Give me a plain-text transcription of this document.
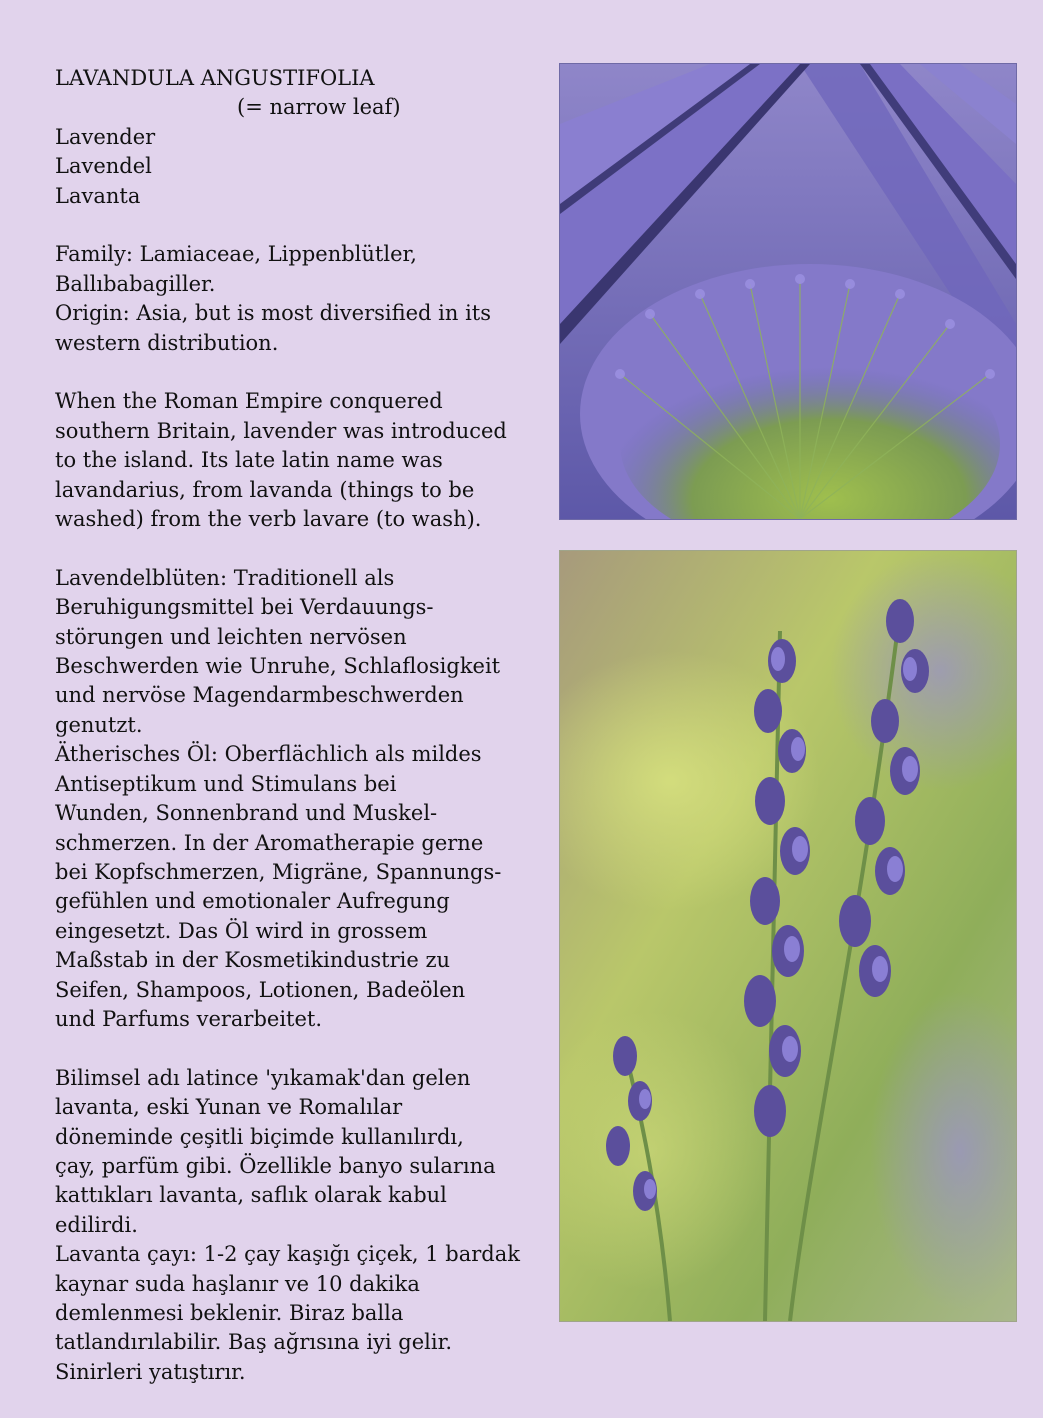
LAVANDULA ANGUSTIFOLIA
(= narrow leaf)
Lavender
Lavendel
Lavanta
Family: Lamiaceae, Lippenblütler,
Ballıbabagiller.
Origin: Asia, but is most diversified in its
western distribution.
When the Roman Empire conquered
southern Britain, lavender was introduced
to the island. Its late latin name was
lavandarius, from lavanda (things to be
washed) from the verb lavare (to wash).
Lavendelblüten: Traditionell als
Beruhigungsmittel bei Verdauungs-
störungen und leichten nervösen
Beschwerden wie Unruhe, Schlaflosigkeit
und nervöse Magendarmbeschwerden
genutzt.
Ätherisches Öl: Oberflächlich als mildes
Antiseptikum und Stimulans bei
Wunden, Sonnenbrand und Muskel-
schmerzen. In der Aromatherapie gerne
bei Kopfschmerzen, Migräne, Spannungs-
gefühlen und emotionaler Aufregung
eingesetzt. Das Öl wird in grossem
Maßstab in der Kosmetikindustrie zu
Seifen, Shampoos, Lotionen, Badeölen
und Parfums verarbeitet.
Bilimsel adı latince 'yıkamak'dan gelen
lavanta, eski Yunan ve Romalılar
döneminde çeşitli biçimde kullanılırdı,
çay, parfüm gibi. Özellikle banyo sularına
kattıkları lavanta, saflık olarak kabul
edilirdi.
Lavanta çayı: 1-2 çay kaşığı çiçek, 1 bardak
kaynar suda haşlanır ve 10 dakika
demlenmesi beklenir. Biraz balla
tatlandırılabilir. Baş ağrısına iyi gelir.
Sinirleri yatıştırır.
